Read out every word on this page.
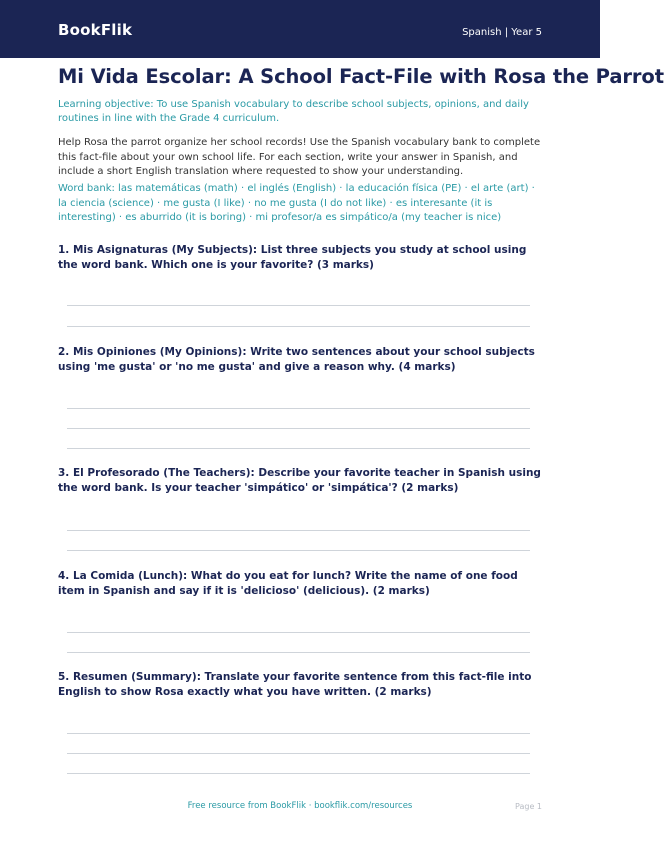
BookFlik	Spanish | Year 5
Mi Vida Escolar: A School Fact-File with Rosa the Parrot
Learning objective: To use Spanish vocabulary to describe school subjects, opinions, and daily routines in line with the Grade 4 curriculum.
Help Rosa the parrot organize her school records! Use the Spanish vocabulary bank to complete this fact-file about your own school life. For each section, write your answer in Spanish, and include a short English translation where requested to show your understanding.
Word bank: las matemáticas (math) · el inglés (English) · la educación física (PE) · el arte (art) · la ciencia (science) · me gusta (I like) · no me gusta (I do not like) · es interesante (it is interesting) · es aburrido (it is boring) · mi profesor/a es simpático/a (my teacher is nice)
1. Mis Asignaturas (My Subjects): List three subjects you study at school using the word bank. Which one is your favorite? (3 marks)
2. Mis Opiniones (My Opinions): Write two sentences about your school subjects using 'me gusta' or 'no me gusta' and give a reason why. (4 marks)
3. El Profesorado (The Teachers): Describe your favorite teacher in Spanish using the word bank. Is your teacher 'simpático' or 'simpática'? (2 marks)
4. La Comida (Lunch): What do you eat for lunch? Write the name of one food item in Spanish and say if it is 'delicioso' (delicious). (2 marks)
5. Resumen (Summary): Translate your favorite sentence from this fact-file into English to show Rosa exactly what you have written. (2 marks)
Free resource from BookFlik · bookflik.com/resources	Page 1
